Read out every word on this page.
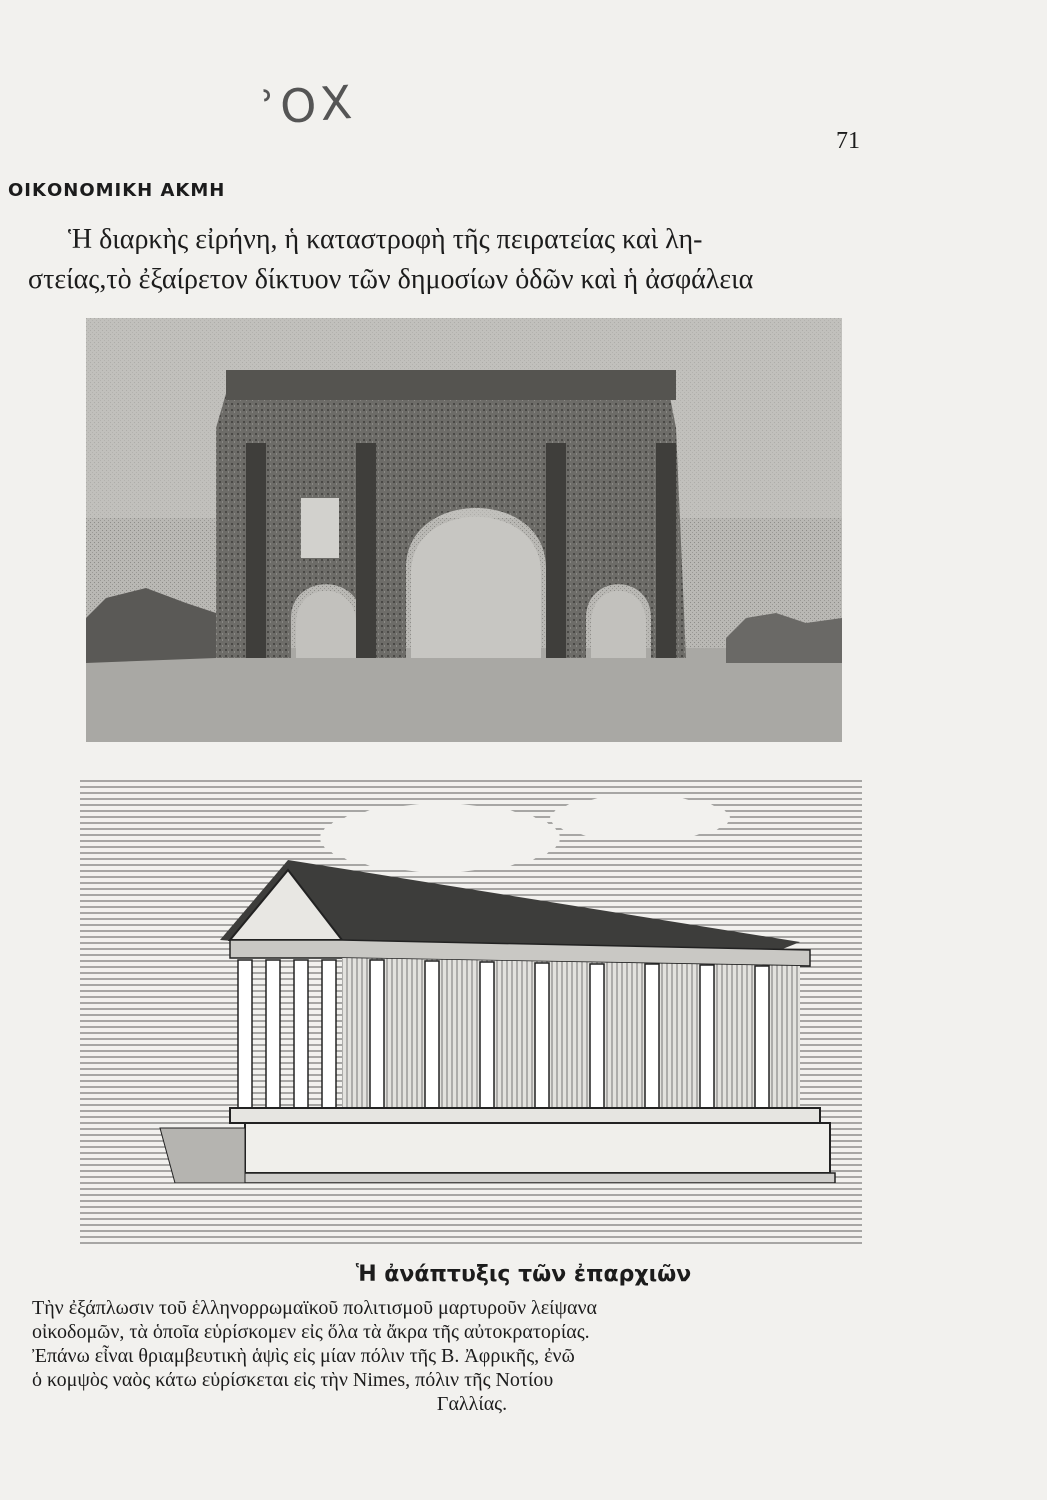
ʾΟΧ
71
ΟΙΚΟΝΟΜΙΚΗ ΑΚΜΗ
Ἡ διαρκὴς εἰρήνη, ἡ καταστροφὴ τῆς πειρατείας καὶ λη-
στείας,τὸ ἐξαίρετον δίκτυον τῶν δημοσίων ὁδῶν καὶ ἡ ἀσφάλεια
Ἡ ἀνάπτυξις τῶν ἐπαρχιῶν
Τὴν ἐξάπλωσιν τοῦ ἑλληνορρωμαϊκοῦ πολιτισμοῦ μαρτυροῦν λείψανα
οἰκοδομῶν, τὰ ὁποῖα εὑρίσκομεν εἰς ὅλα τὰ ἄκρα τῆς αὐτοκρατορίας.
Ἐπάνω εἶναι θριαμβευτικὴ ἁψὶς εἰς μίαν πόλιν τῆς Β. Ἀφρικῆς, ἐνῶ
ὁ κομψὸς ναὸς κάτω εὑρίσκεται εἰς τὴν Nimes, πόλιν τῆς Νοτίου
Γαλλίας.
